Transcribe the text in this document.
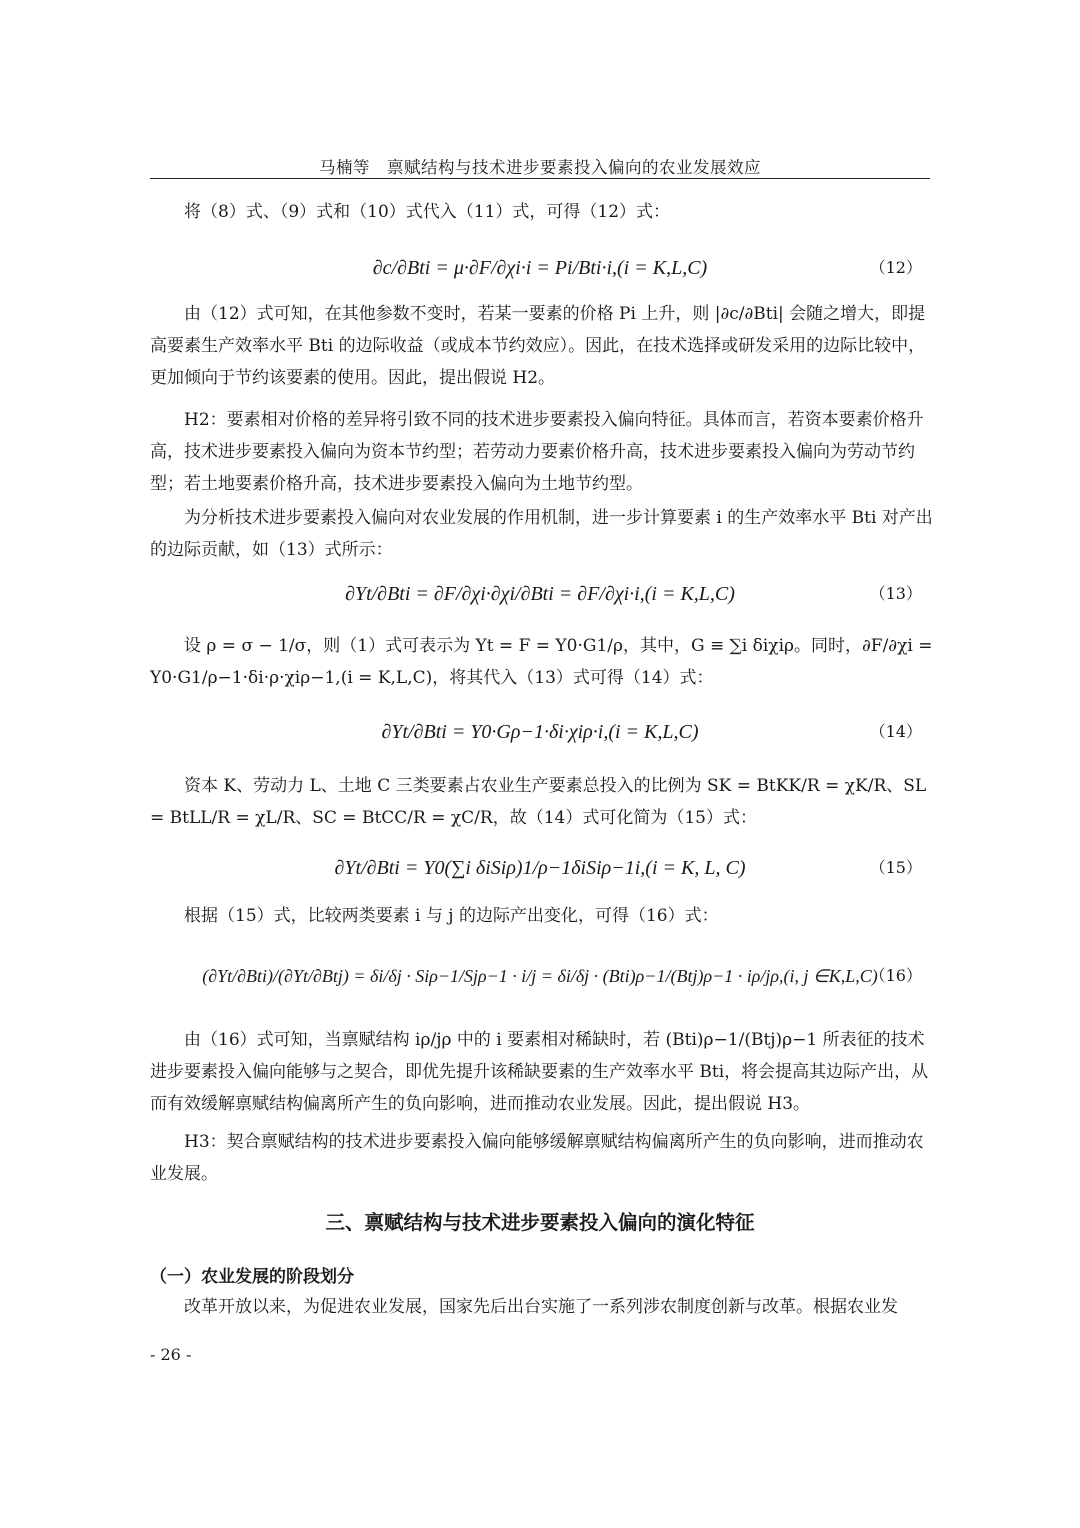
马楠等　禀赋结构与技术进步要素投入偏向的农业发展效应

将（8）式、（9）式和（10）式代入（11）式，可得（12）式：

∂c/∂Bti = μ·∂F/∂χi·i = Pi/Bti·i,(i = K,L,C)	（12）

由（12）式可知，在其他参数不变时，若某一要素的价格 Pi 上升，则 |∂c/∂Bti| 会随之增大，即提高要素生产效率水平 Bti 的边际收益（或成本节约效应）。因此，在技术选择或研发采用的边际比较中，更加倾向于节约该要素的使用。因此，提出假说 H2。

H2：要素相对价格的差异将引致不同的技术进步要素投入偏向特征。具体而言，若资本要素价格升高，技术进步要素投入偏向为资本节约型；若劳动力要素价格升高，技术进步要素投入偏向为劳动节约型；若土地要素价格升高，技术进步要素投入偏向为土地节约型。

为分析技术进步要素投入偏向对农业发展的作用机制，进一步计算要素 i 的生产效率水平 Bti 对产出的边际贡献，如（13）式所示：

∂Yt/∂Bti = ∂F/∂χi·∂χi/∂Bti = ∂F/∂χi·i,(i = K,L,C)	（13）

设 ρ = σ − 1/σ，则（1）式可表示为 Yt = F = Y0·G1/ρ，其中，G ≡ ∑i δiχiρ。同时，∂F/∂χi = Y0·G1/ρ−1·δi·ρ·χiρ−1,(i = K,L,C)，将其代入（13）式可得（14）式：

∂Yt/∂Bti = Y0·Gρ−1·δi·χiρ·i,(i = K,L,C)	（14）

资本 K、劳动力 L、土地 C 三类要素占农业生产要素总投入的比例为 SK = BtKK/R = χK/R、SL = BtLL/R = χL/R、SC = BtCC/R = χC/R，故（14）式可化简为（15）式：

∂Yt/∂Bti = Y0(∑i δiSiρ)1/ρ−1δiSiρ−1i,(i = K, L, C)	（15）

根据（15）式，比较两类要素 i 与 j 的边际产出变化，可得（16）式：

(∂Yt/∂Bti)/(∂Yt/∂Btj) = δi/δj · Siρ−1/Sjρ−1 · i/j = δi/δj · (Bti)ρ−1/(Btj)ρ−1 · iρ/jρ,(i, j ∈K,L,C)
（16）

由（16）式可知，当禀赋结构 iρ/jρ 中的 i 要素相对稀缺时，若 (Bti)ρ−1/(Btj)ρ−1 所表征的技术进步要素投入偏向能够与之契合，即优先提升该稀缺要素的生产效率水平 Bti，将会提高其边际产出，从而有效缓解禀赋结构偏离所产生的负向影响，进而推动农业发展。因此，提出假说 H3。

H3：契合禀赋结构的技术进步要素投入偏向能够缓解禀赋结构偏离所产生的负向影响，进而推动农业发展。

三、禀赋结构与技术进步要素投入偏向的演化特征
（一）农业发展的阶段划分

改革开放以来，为促进农业发展，国家先后出台实施了一系列涉农制度创新与改革。根据农业发

- 26 -
